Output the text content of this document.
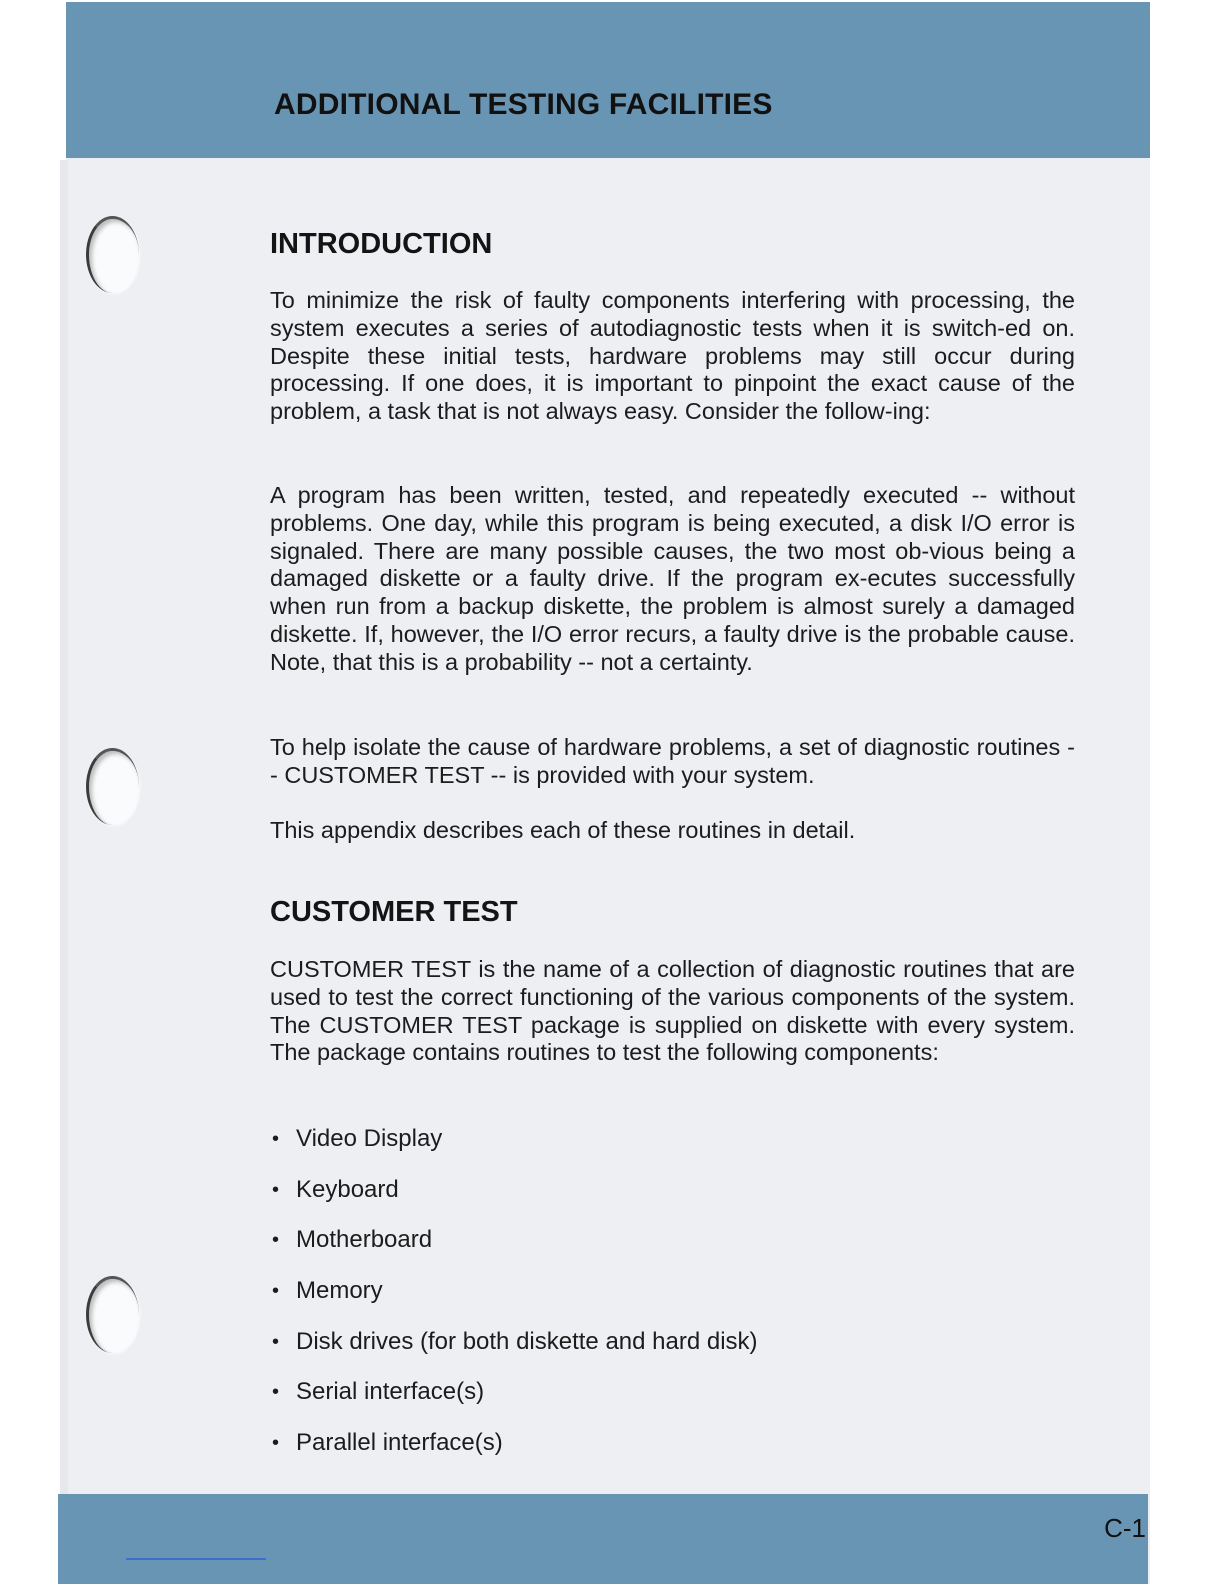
ADDITIONAL TESTING FACILITIES
INTRODUCTION

To minimize the risk of faulty components interfering with processing, the system executes a series of autodiagnostic tests when it is switch-ed on. Despite these initial tests, hardware problems may still occur during processing. If one does, it is important to pinpoint the exact cause of the problem, a task that is not always easy. Consider the follow-ing:

A program has been written, tested, and repeatedly executed -- without problems. One day, while this program is being executed, a disk I/O error is signaled. There are many possible causes, the two most ob-vious being a damaged diskette or a faulty drive. If the program ex-ecutes successfully when run from a backup diskette, the problem is almost surely a damaged diskette. If, however, the I/O error recurs, a faulty drive is the probable cause. Note, that this is a probability -- not a certainty.

To help isolate the cause of hardware problems, a set of diagnostic routines -- CUSTOMER TEST -- is provided with your system.

This appendix describes each of these routines in detail.

CUSTOMER TEST

CUSTOMER TEST is the name of a collection of diagnostic routines that are used to test the correct functioning of the various components of the system. The CUSTOMER TEST package is supplied on diskette with every system. The package contains routines to test the following components:

• Video Display
• Keyboard
• Motherboard
• Memory
• Disk drives (for both diskette and hard disk)
• Serial interface(s)
• Parallel interface(s)

C-1
